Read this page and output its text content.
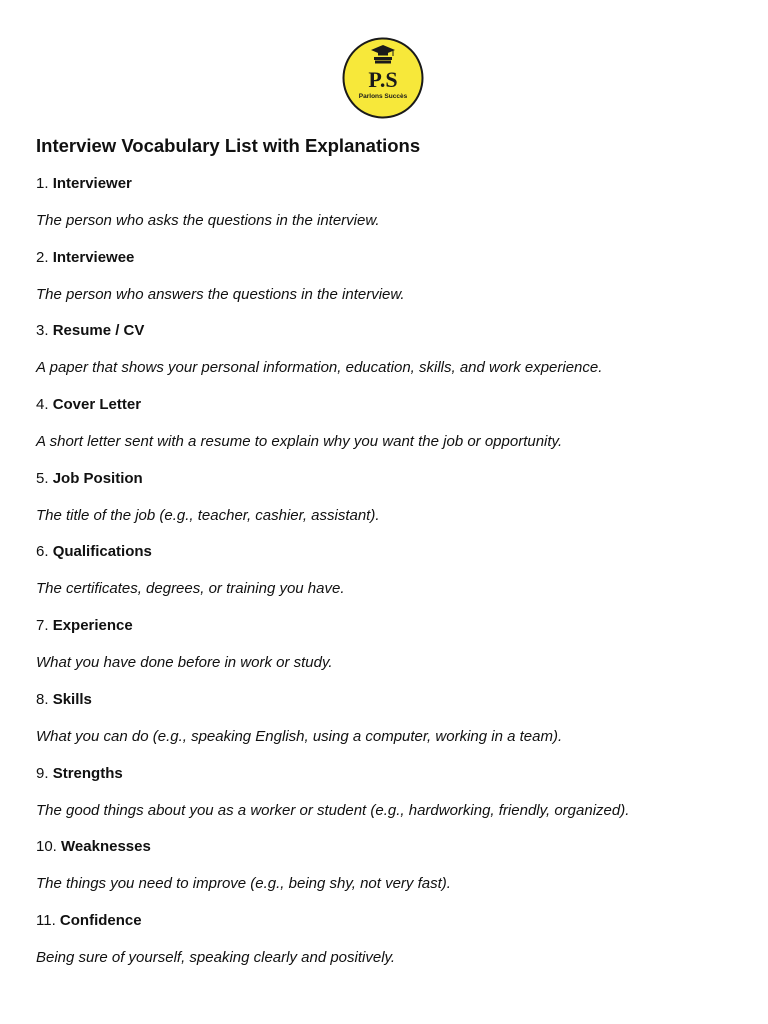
P.S
Parlons Succès
Interview Vocabulary List with Explanations
1. Interviewer
The person who asks the questions in the interview.
2. Interviewee
The person who answers the questions in the interview.
3. Resume / CV
A paper that shows your personal information, education, skills, and work experience.
4. Cover Letter
A short letter sent with a resume to explain why you want the job or opportunity.
5. Job Position
The title of the job (e.g., teacher, cashier, assistant).
6. Qualifications
The certificates, degrees, or training you have.
7. Experience
What you have done before in work or study.
8. Skills
What you can do (e.g., speaking English, using a computer, working in a team).
9. Strengths
The good things about you as a worker or student (e.g., hardworking, friendly, organized).
10. Weaknesses
The things you need to improve (e.g., being shy, not very fast).
11. Confidence
Being sure of yourself, speaking clearly and positively.
